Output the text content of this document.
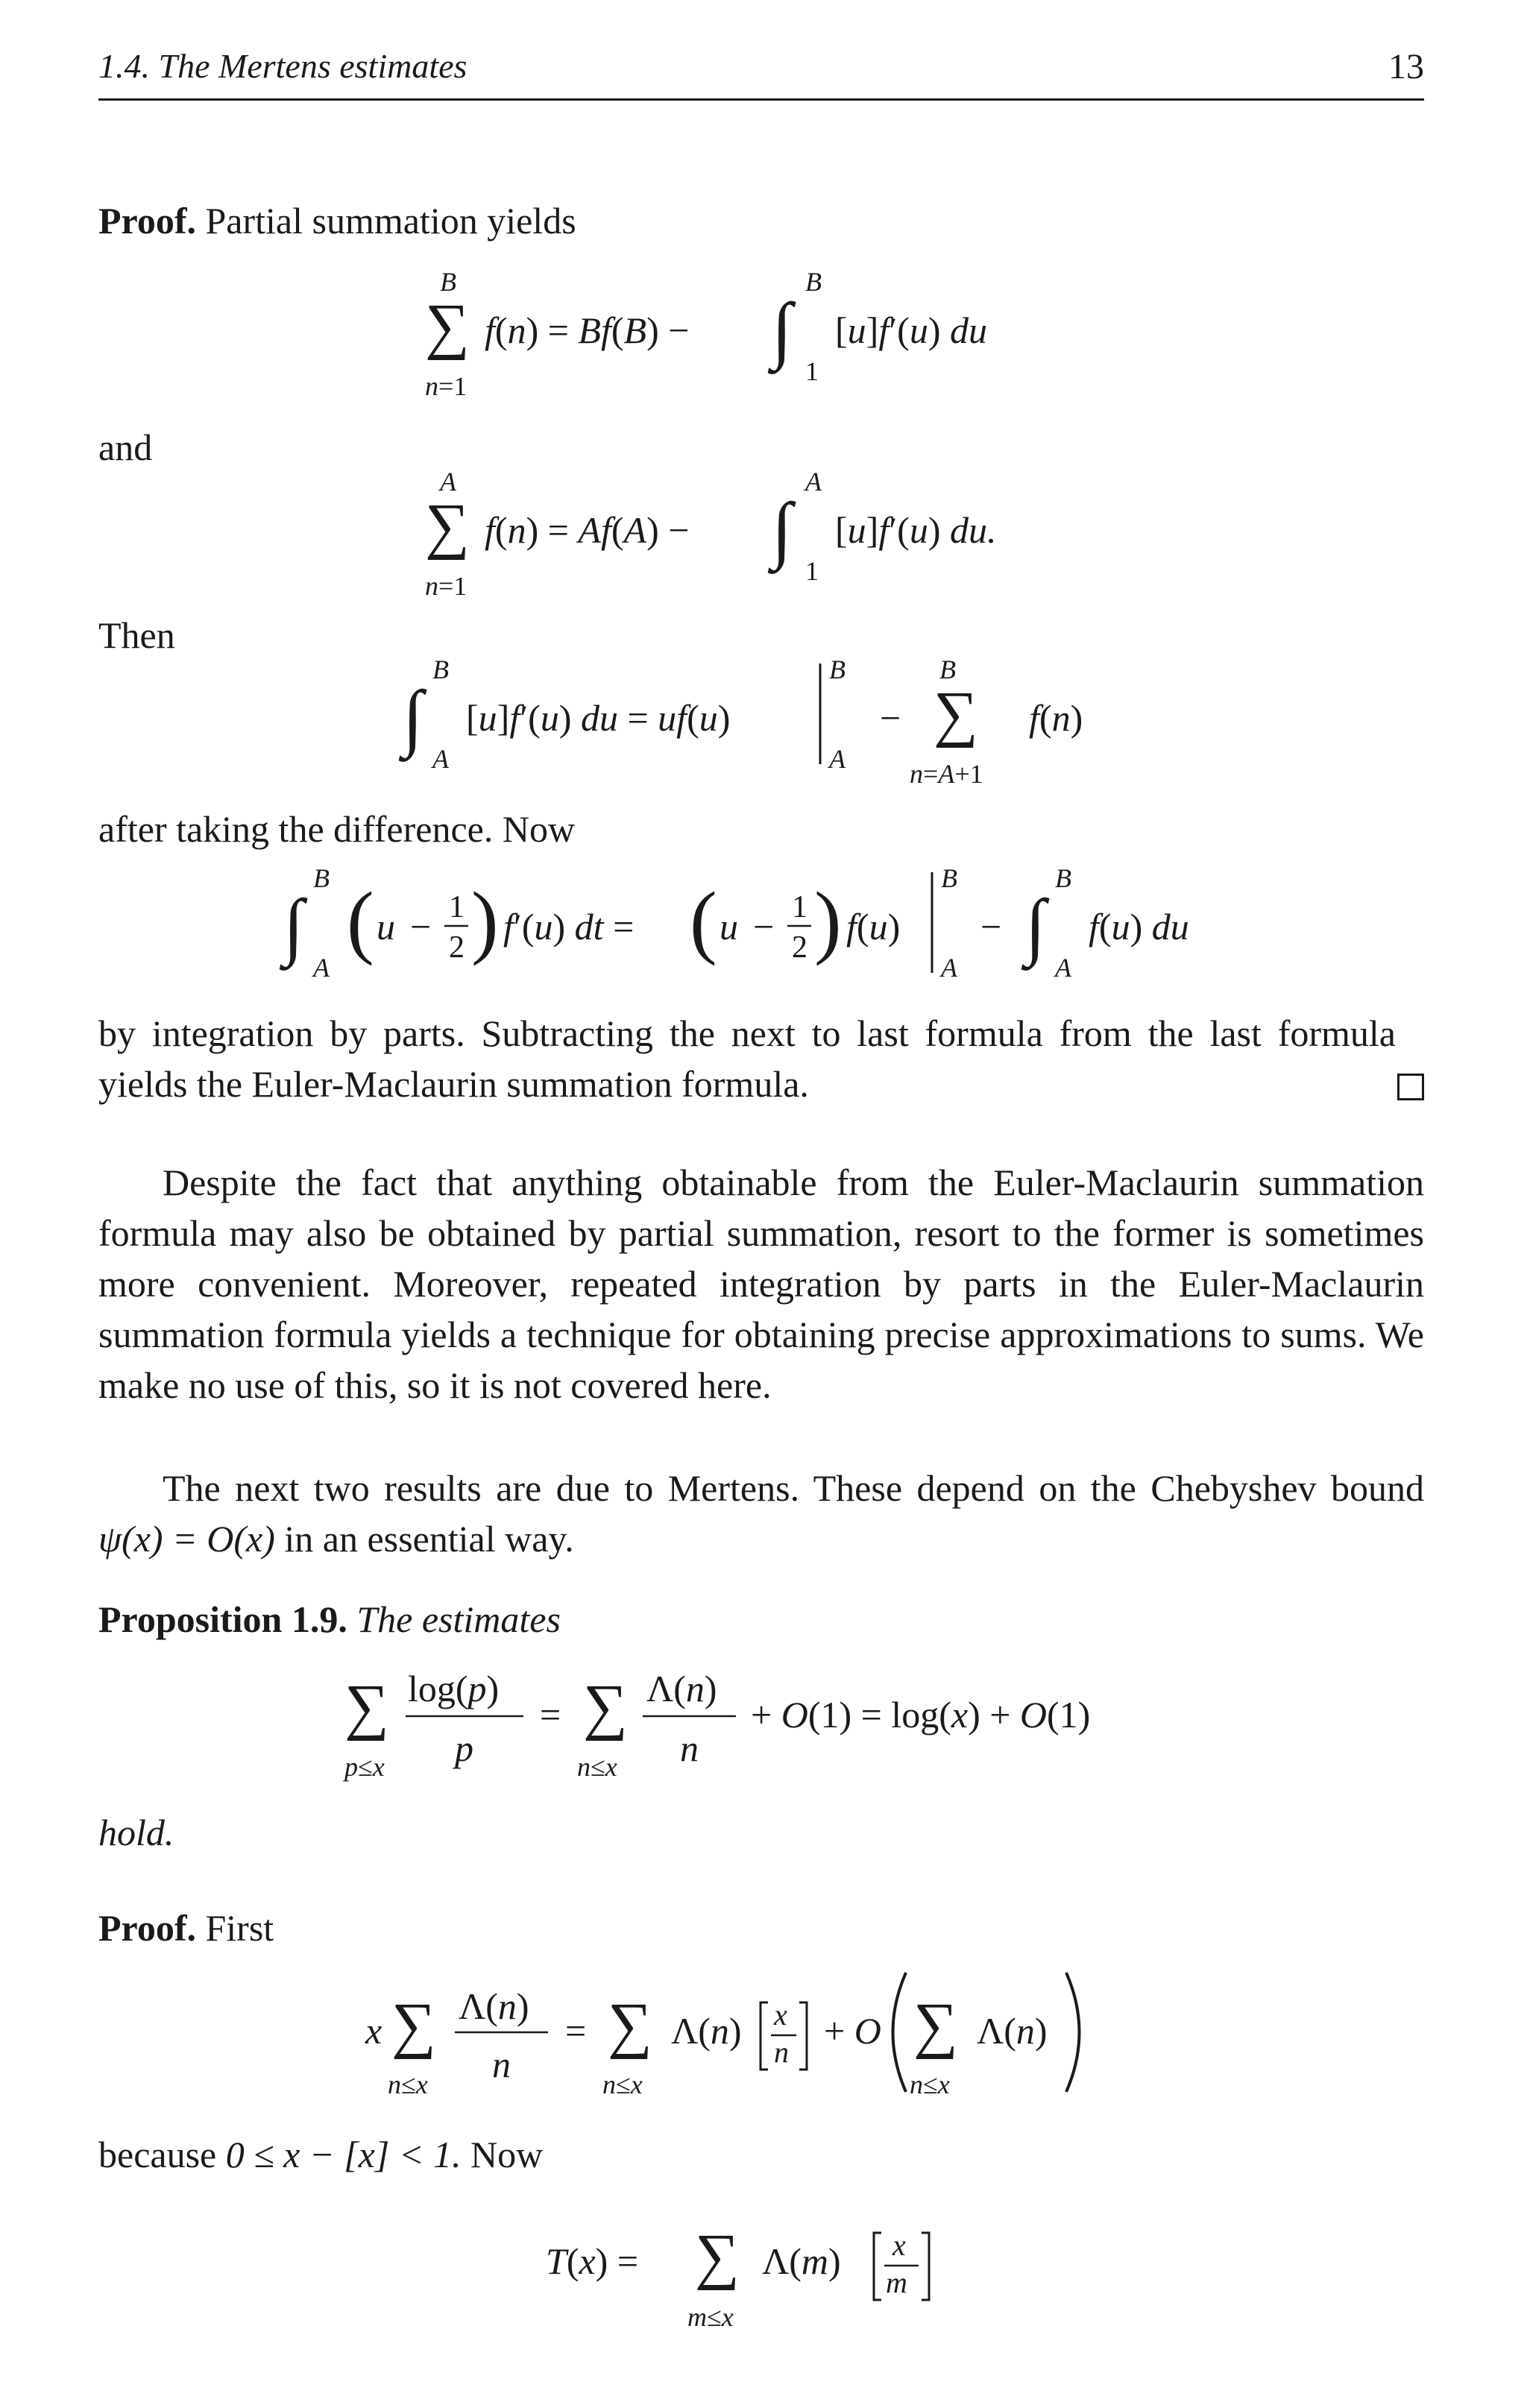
1.4. The Mertens estimates	13
Proof. Partial summation yields
B
∑
n=1
f(n) = Bf(B) − ∫
B
1
[u]f′(u) du
and
A
∑
n=1
f(n) = Af(A) − ∫
A
1
[u]f′(u) du.
Then
∫
B
A
[u]f′(u) du = uf(u)
B
A
−
B
∑
n=A+1
f(n)
after taking the difference. Now
∫
B
A
( u − 1
2 ) f′(u) dt = ( u − 1
2 ) f(u)
B
A
− ∫
B
A
f(u) du
by integration by parts. Subtracting the next to last formula from the last formula yields the Euler-Maclaurin summation formula.
Despite the fact that anything obtainable from the Euler-Maclaurin summation formula may also be obtained by partial summation, resort to the former is sometimes more convenient. Moreover, repeated integration by parts in the Euler-Maclaurin summation formula yields a technique for obtaining precise approximations to sums. We make no use of this, so it is not covered here.
The next two results are due to Mertens. These depend on the Chebyshev bound ψ(x) = O(x) in an essential way.
Proposition 1.9. The estimates
∑
p≤x
log(p)
p
= ∑
n≤x
Λ(n)
n
+ O(1) = log(x) + O(1)
hold.
Proof. First
x ∑
n≤x
Λ(n)
n
= ∑
n≤x
Λ(n) x
n
+ O ∑
n≤x
Λ(n)
because 0 ≤ x − [x] < 1. Now
T(x) = ∑
m≤x
Λ(m) x
m
